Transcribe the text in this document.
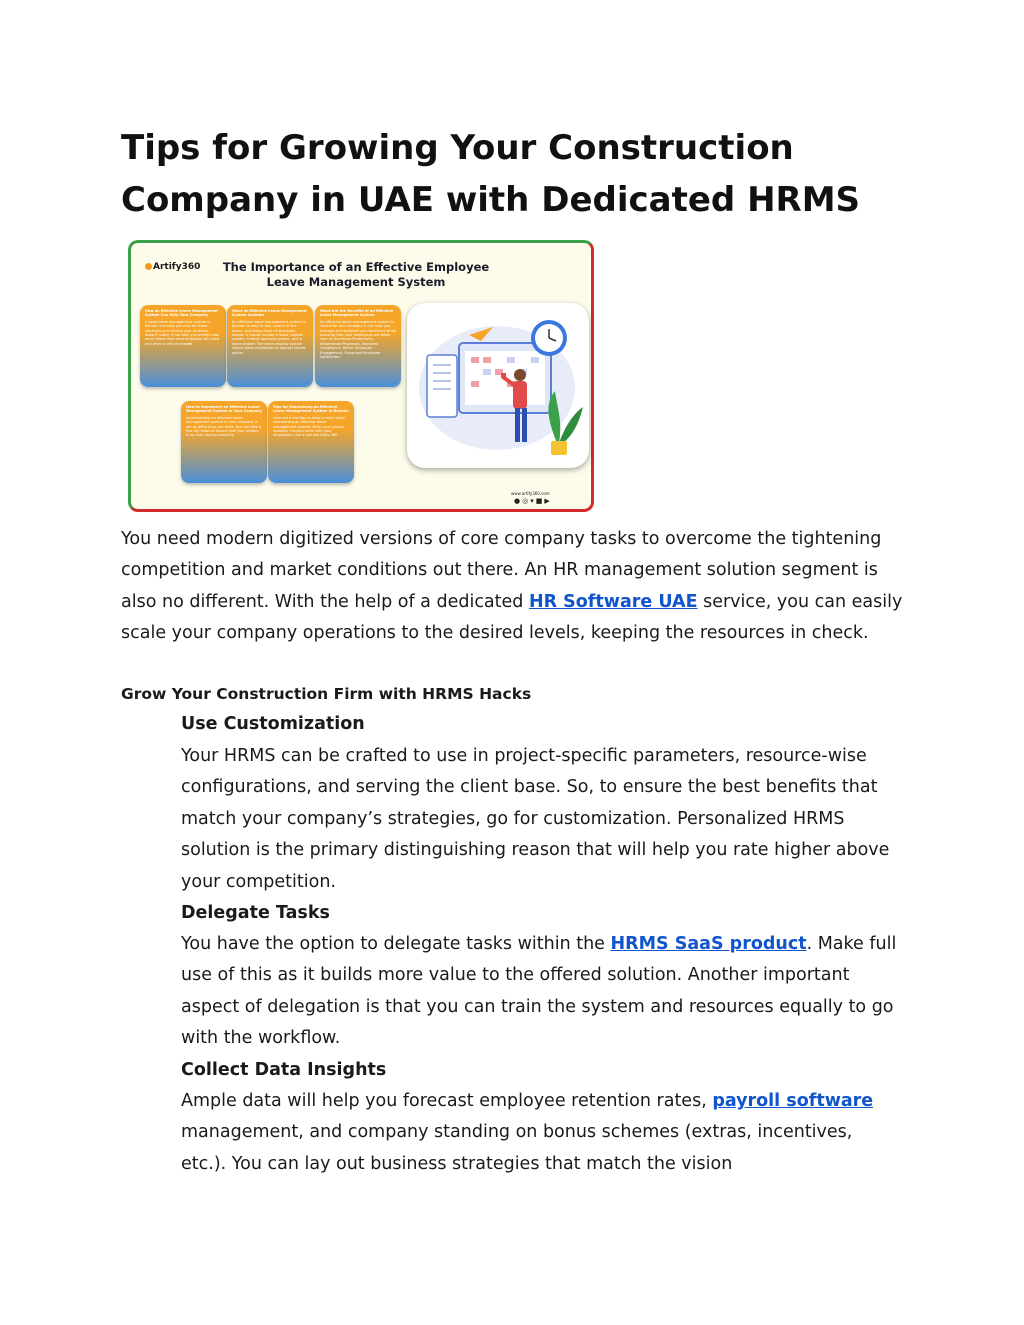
Tips for Growing Your Construction Company in UAE with Dedicated HRMS
Artify360 The Importance of an Effective Employee Leave Management System
How an Effective Leave Management System Can Help Your Company
A good leave management system in Bahrain can help you plan for these situations and ensure your business doesn't suffer. It can help you predict how much leave time each employee will need and when it will be needed.
What an Effective Leave Management System Includes
An effective leave management system in Bahrain is easy to use, covers all the bases, and keeps track of employee leaves. It should include a leave request system, a leave approval system, and a leave tracker. The leave request system should allow employees to request leaves online.
What Are the Benefits of an Effective Leave Management System
An effective leave management system is critical for any company. It can help you manage and optimize your workforce while ensuring that your employees are taken care of. Increased Productivity, Streamlined Processes, Improved Compliance, Better Employee Engagement, Enhanced Employee Satisfaction
How to Implement an Effective Leave Management System in Your Company
Implementing an effective leave management system in your company is not as difficult as you think. You can take a few key steps to ensure that your system is up and running smoothly.
Tips for Maintaining an Effective Leave Management System in Bahrain
Here are a few tips to keep in mind when maintaining an effective leave management system: Keep your system updated, Communicate with your employees, Use a tool like Artify 360
www.artify360.com
●◎▾■▶

You need modern digitized versions of core company tasks to overcome the tightening competition and market conditions out there. An HR management solution segment is also no different. With the help of a dedicated HR Software UAE service, you can easily scale your company operations to the desired levels, keeping the resources in check.

Grow Your Construction Firm with HRMS Hacks
Use Customization

Your HRMS can be crafted to use in project-specific parameters, resource-wise configurations, and serving the client base. So, to ensure the best benefits that match your company’s strategies, go for customization. Personalized HRMS solution is the primary distinguishing reason that will help you rate higher above your competition.

Delegate Tasks

You have the option to delegate tasks within the HRMS SaaS product. Make full use of this as it builds more value to the offered solution. Another important aspect of delegation is that you can train the system and resources equally to go with the workflow.

Collect Data Insights

Ample data will help you forecast employee retention rates, payroll software management, and company standing on bonus schemes (extras, incentives, etc.). You can lay out business strategies that match the vision
